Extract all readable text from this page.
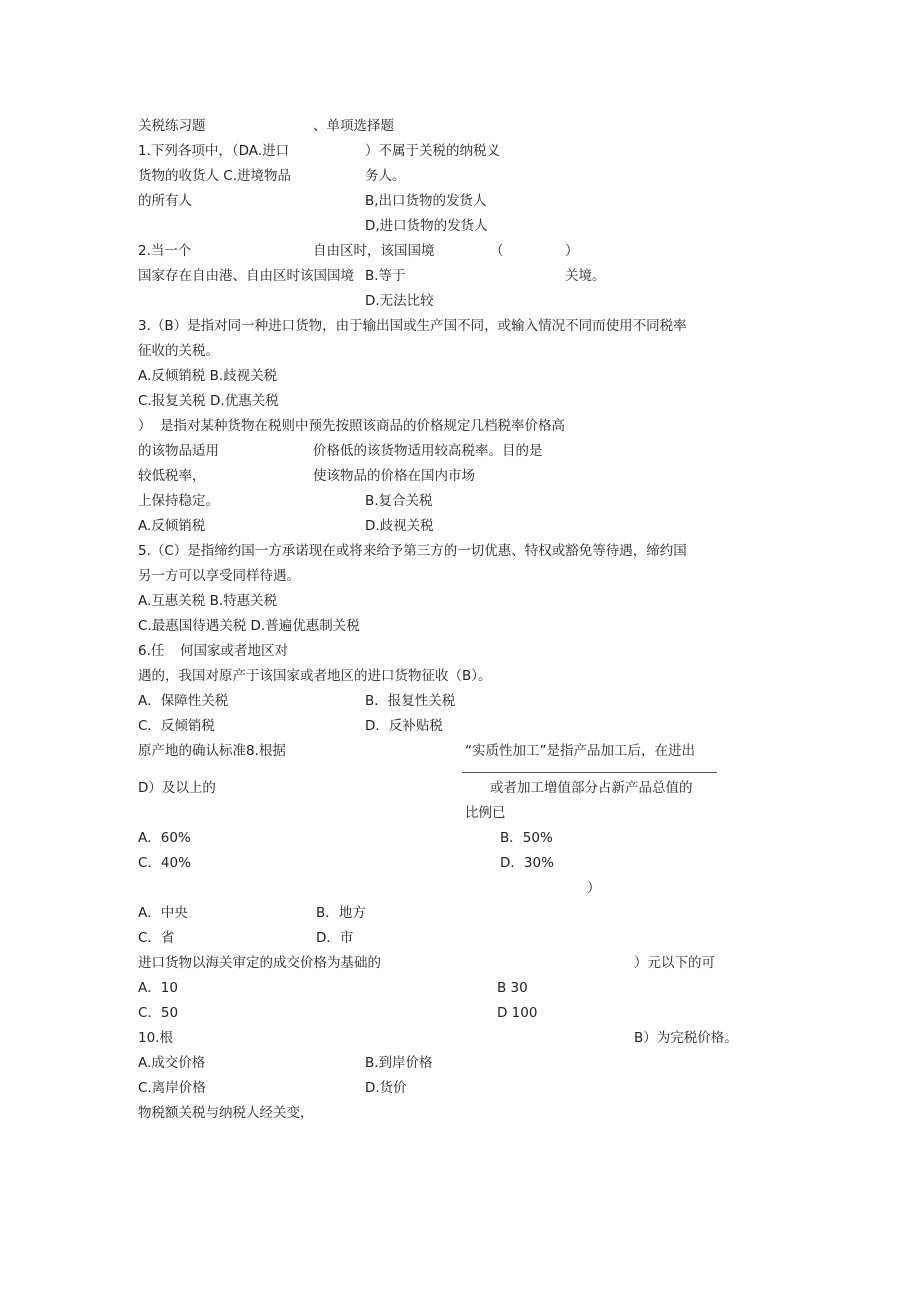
关税练习题	、单项选择题
1.下列各项中，（DA.进口	）不属于关税的纳税义
货物的收货人 C.进境物品	务人。
的所有人	B,出口货物的发货人
D,进口货物的发货人
2.当一个	自由区时，该国国境	（	）
国家存在自由港、自由区时该国国境 B.等于	关境。
D.无法比较
3.（B）是指对同一种进口货物，由于输出国或生产国不同，或输入情况不同而使用不同税率
征收的关税。
A.反倾销税 B.歧视关税
C.报复关税 D.优惠关税
） 是指对某种货物在税则中预先按照该商品的价格规定几档税率价格高
的该物品适用	价格低的该货物适用较高税率。目的是
较低税率，	使该物品的价格在国内市场
上保持稳定。	B.复合关税
A.反倾销税	D.歧视关税
5.（C）是指缔约国一方承诺现在或将来给予第三方的一切优惠、特权或豁免等待遇，缔约国
另一方可以享受同样待遇。
A.互惠关税 B.特惠关税
C.最惠国待遇关税 D.普遍优惠制关税
6.任 何国家或者地区对
遇的，我国对原产于该国家或者地区的进口货物征收（B）。
A．保障性关税	B．报复性关税
C．反倾销税	D．反补贴税
原产地的确认标准8.根据	“实质性加工”是指产品加工后，在进出
D）及以上的	或者加工增值部分占新产品总值的
比例已
A．60%	B．50%
C．40%	D．30%
）
A．中央	B．地方
C．省	D．市
进口货物以海关审定的成交价格为基础的	）元以下的可
A．10	B 30
C．50	D 100
10.根	B）为完税价格。
A.成交价格	B.到岸价格
C.离岸价格	D.货价
物税额关税与纳税人经关变，
